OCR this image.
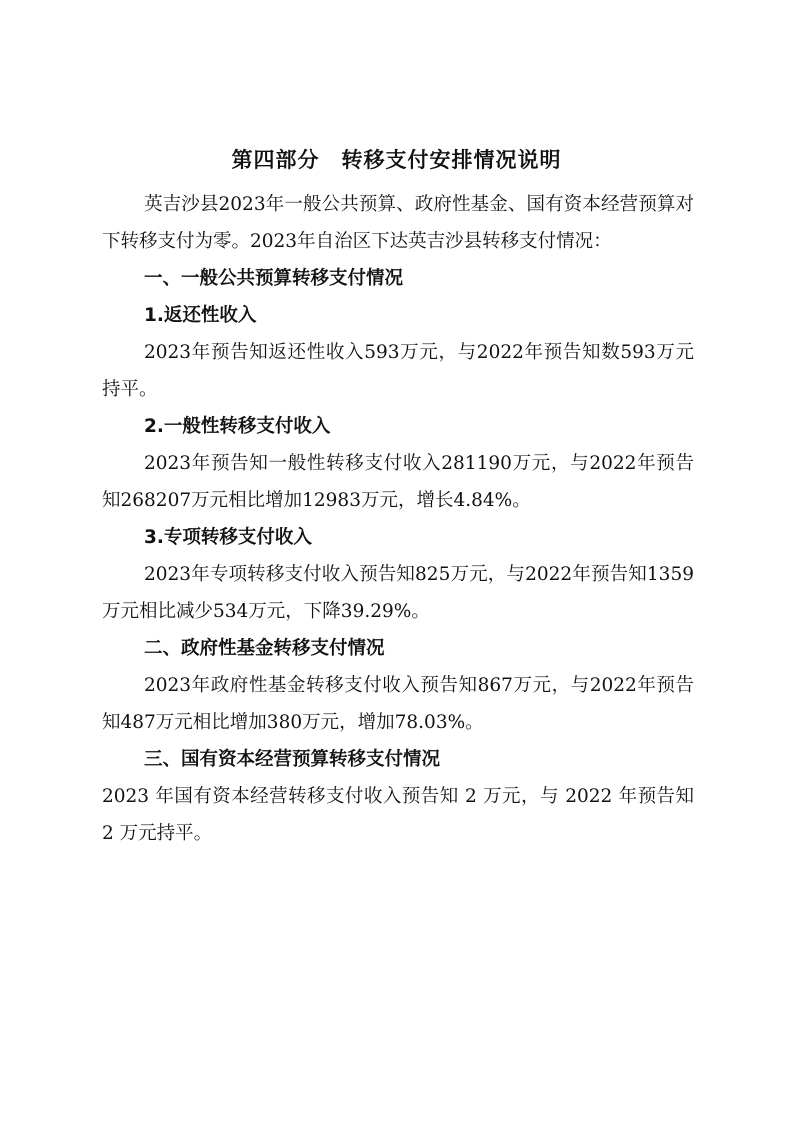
第四部分　转移支付安排情况说明

英吉沙县2023年一般公共预算、政府性基金、国有资本经营预算对下转移支付为零。2023年自治区下达英吉沙县转移支付情况：

一、一般公共预算转移支付情况

1.返还性收入

2023年预告知返还性收入593万元，与2022年预告知数593万元持平。

2.一般性转移支付收入

2023年预告知一般性转移支付收入281190万元，与2022年预告知268207万元相比增加12983万元，增长4.84%。

3.专项转移支付收入

2023年专项转移支付收入预告知825万元，与2022年预告知1359万元相比减少534万元，下降39.29%。

二、政府性基金转移支付情况

2023年政府性基金转移支付收入预告知867万元，与2022年预告知487万元相比增加380万元，增加78.03%。

三、国有资本经营预算转移支付情况

2023 年国有资本经营转移支付收入预告知 2 万元，与 2022 年预告知 2 万元持平。
